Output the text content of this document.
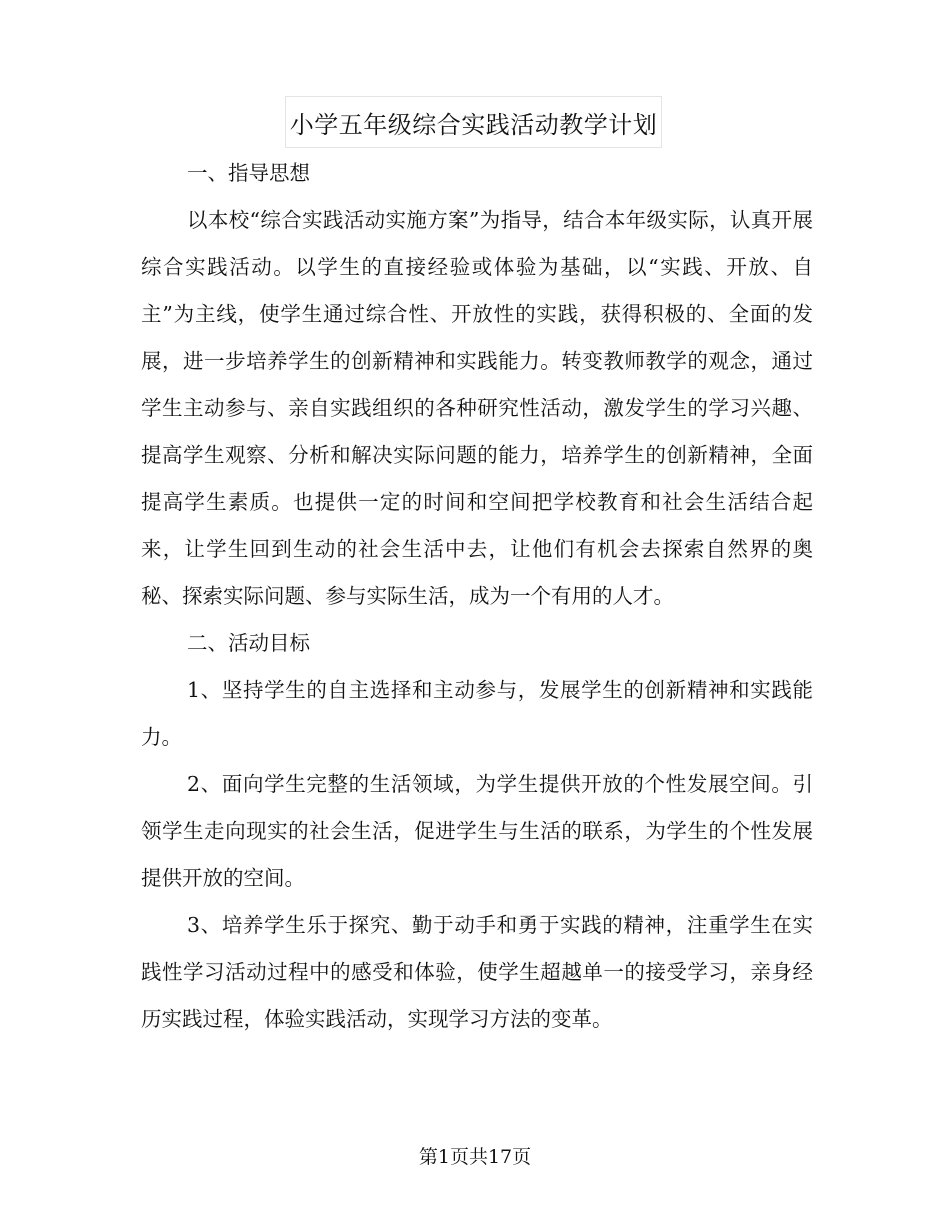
小学五年级综合实践活动教学计划

一、指导思想

以本校“综合实践活动实施方案”为指导，结合本年级实际，认真开展综合实践活动。以学生的直接经验或体验为基础，以“实践、开放、自主”为主线，使学生通过综合性、开放性的实践，获得积极的、全面的发展，进一步培养学生的创新精神和实践能力。转变教师教学的观念，通过学生主动参与、亲自实践组织的各种研究性活动，激发学生的学习兴趣、提高学生观察、分析和解决实际问题的能力，培养学生的创新精神，全面提高学生素质。也提供一定的时间和空间把学校教育和社会生活结合起来，让学生回到生动的社会生活中去，让他们有机会去探索自然界的奥秘、探索实际问题、参与实际生活，成为一个有用的人才。

二、活动目标

1、坚持学生的自主选择和主动参与，发展学生的创新精神和实践能力。

2、面向学生完整的生活领域，为学生提供开放的个性发展空间。引领学生走向现实的社会生活，促进学生与生活的联系，为学生的个性发展提供开放的空间。

3、培养学生乐于探究、勤于动手和勇于实践的精神，注重学生在实践性学习活动过程中的感受和体验，使学生超越单一的接受学习，亲身经历实践过程，体验实践活动，实现学习方法的变革。

第1页共17页
